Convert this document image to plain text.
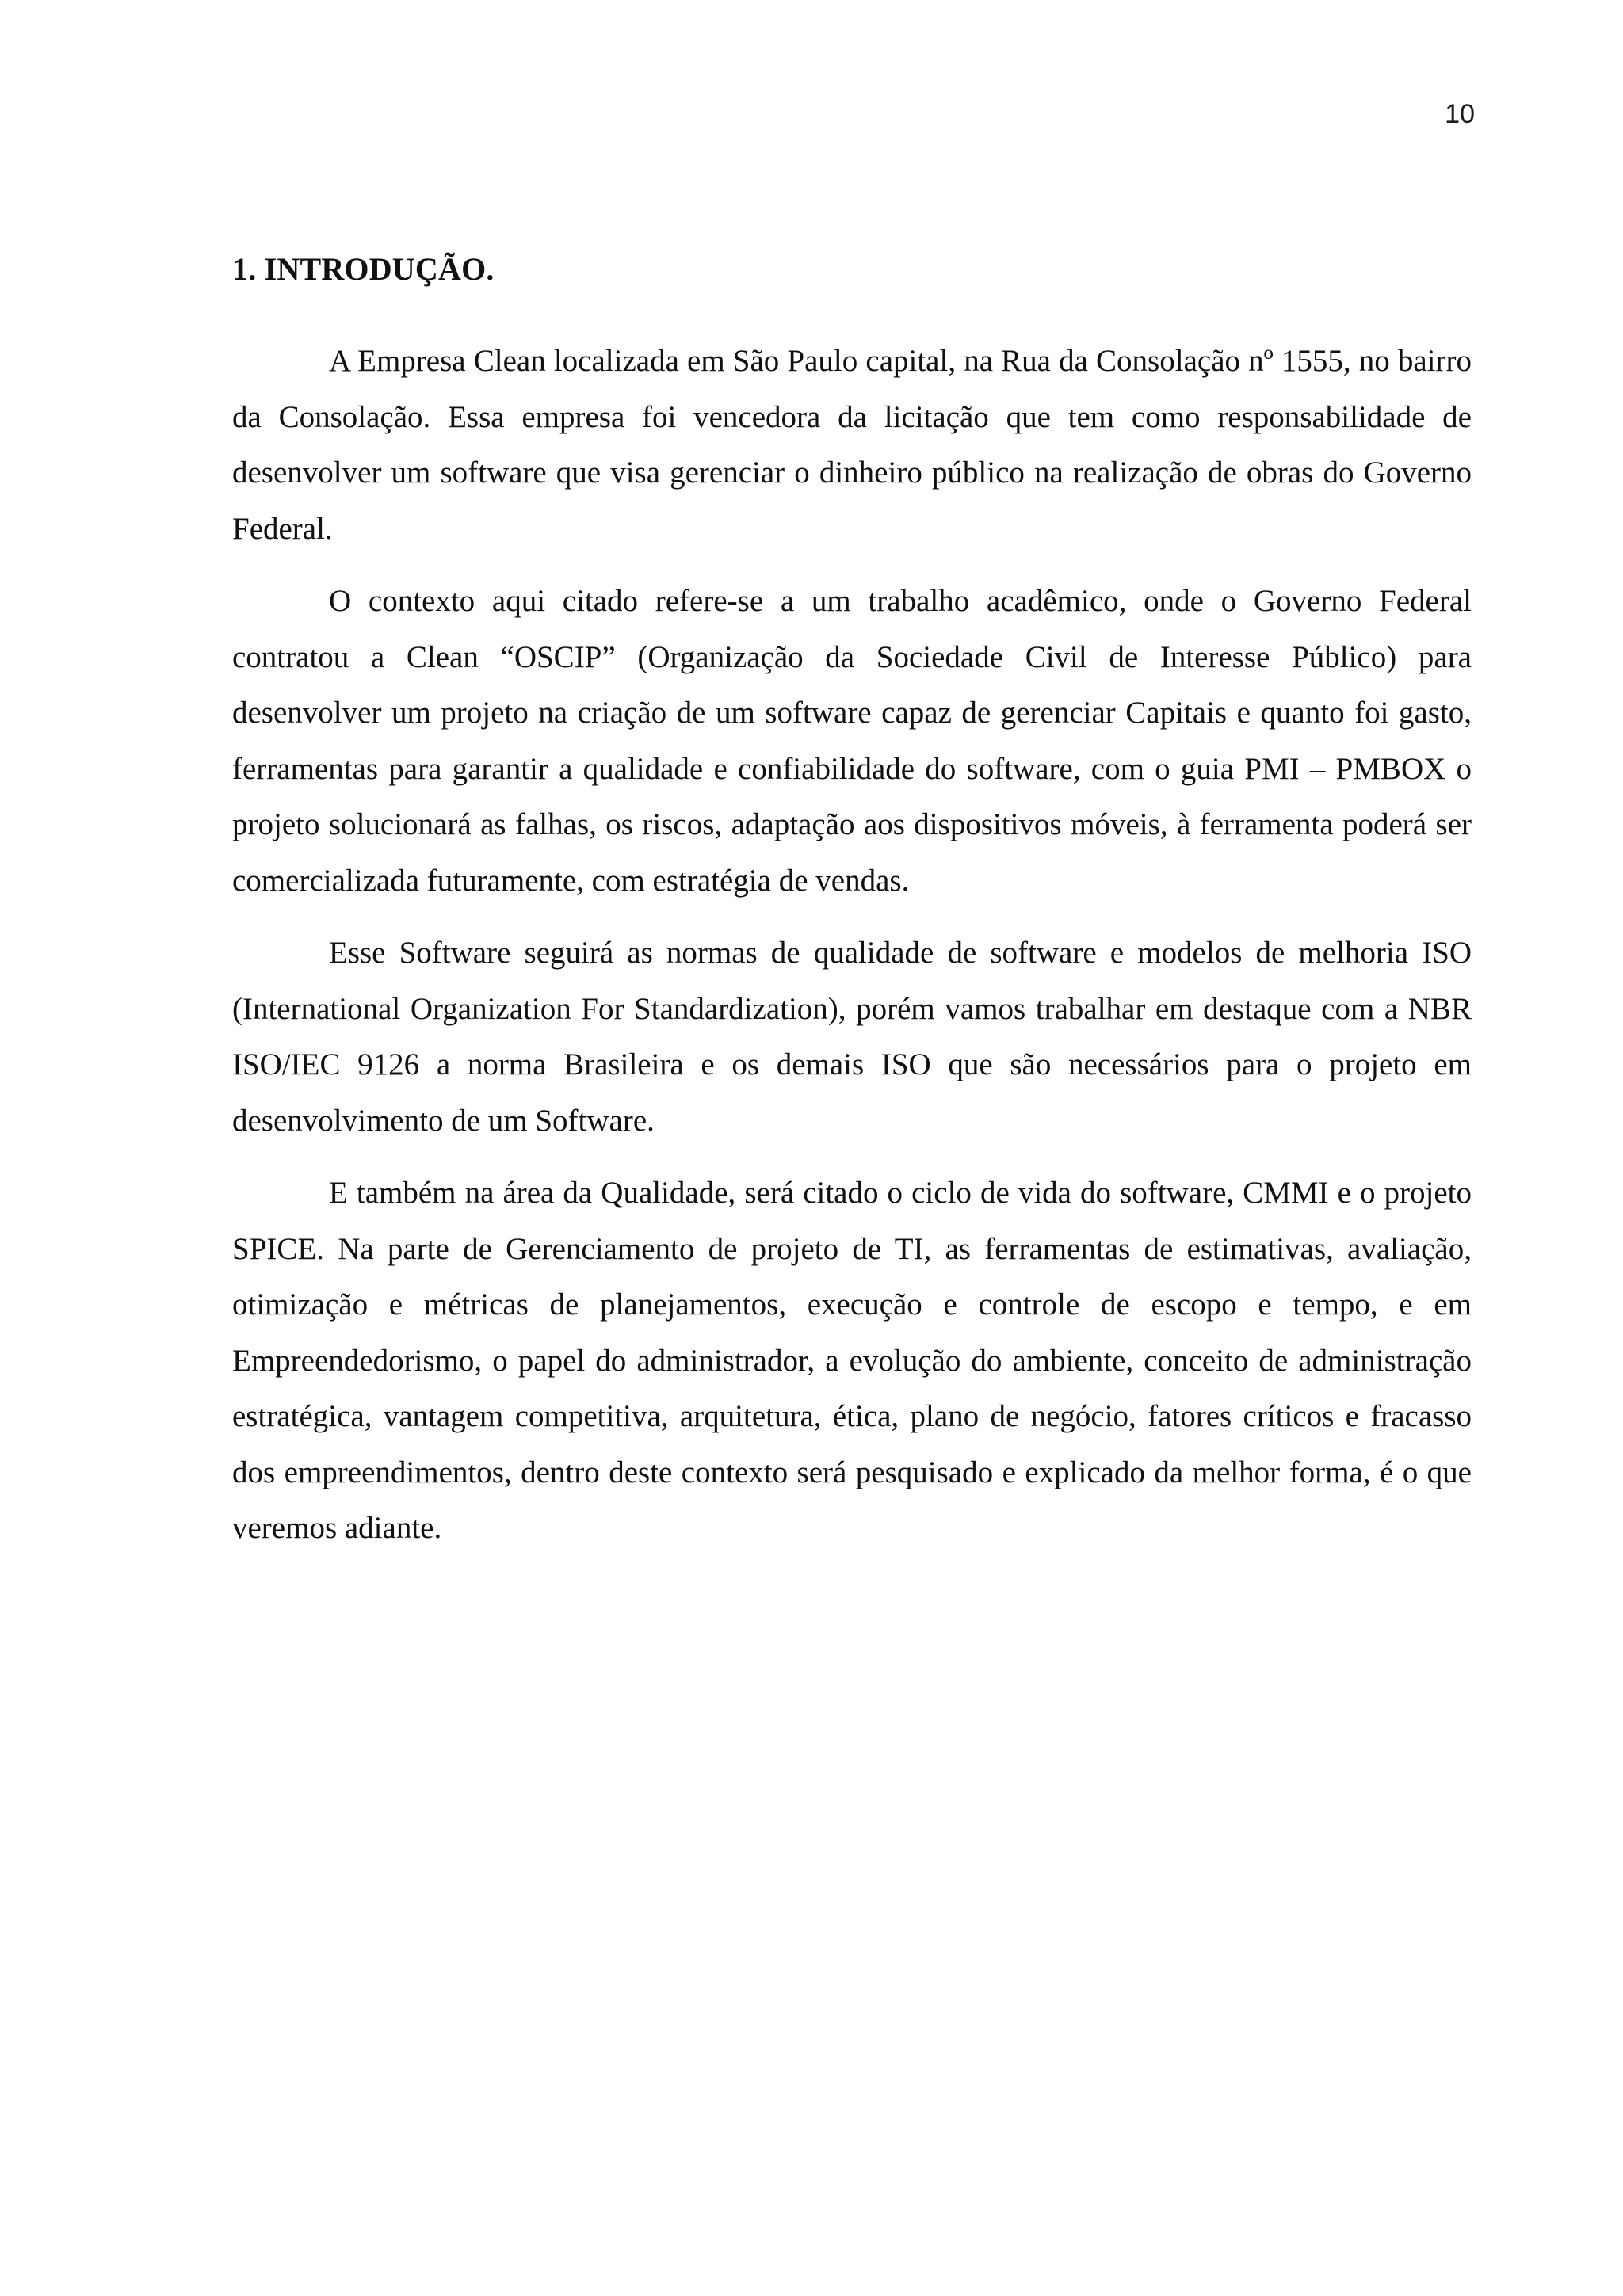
10
1. INTRODUÇÃO.

A Empresa Clean localizada em São Paulo capital, na Rua da Consolação nº 1555, no bairro da Consolação. Essa empresa foi vencedora da licitação que tem como responsabilidade de desenvolver um software que visa gerenciar o dinheiro público na realização de obras do Governo Federal.

O contexto aqui citado refere-se a um trabalho acadêmico, onde o Governo Federal contratou a Clean “OSCIP” (Organização da Sociedade Civil de Interesse Público) para desenvolver um projeto na criação de um software capaz de gerenciar Capitais e quanto foi gasto, ferramentas para garantir a qualidade e confiabilidade do software, com o guia PMI – PMBOX o projeto solucionará as falhas, os riscos, adaptação aos dispositivos móveis, à ferramenta poderá ser comercializada futuramente, com estratégia de vendas.

Esse Software seguirá as normas de qualidade de software e modelos de melhoria ISO (International Organization For Standardization), porém vamos trabalhar em destaque com a NBR ISO/IEC 9126 a norma Brasileira e os demais ISO que são necessários para o projeto em desenvolvimento de um Software.

E também na área da Qualidade, será citado o ciclo de vida do software, CMMI e o projeto SPICE. Na parte de Gerenciamento de projeto de TI, as ferramentas de estimativas, avaliação, otimização e métricas de planejamentos, execução e controle de escopo e tempo, e em Empreendedorismo, o papel do administrador, a evolução do ambiente, conceito de administração estratégica, vantagem competitiva, arquitetura, ética, plano de negócio, fatores críticos e fracasso dos empreendimentos, dentro deste contexto será pesquisado e explicado da melhor forma, é o que veremos adiante.
